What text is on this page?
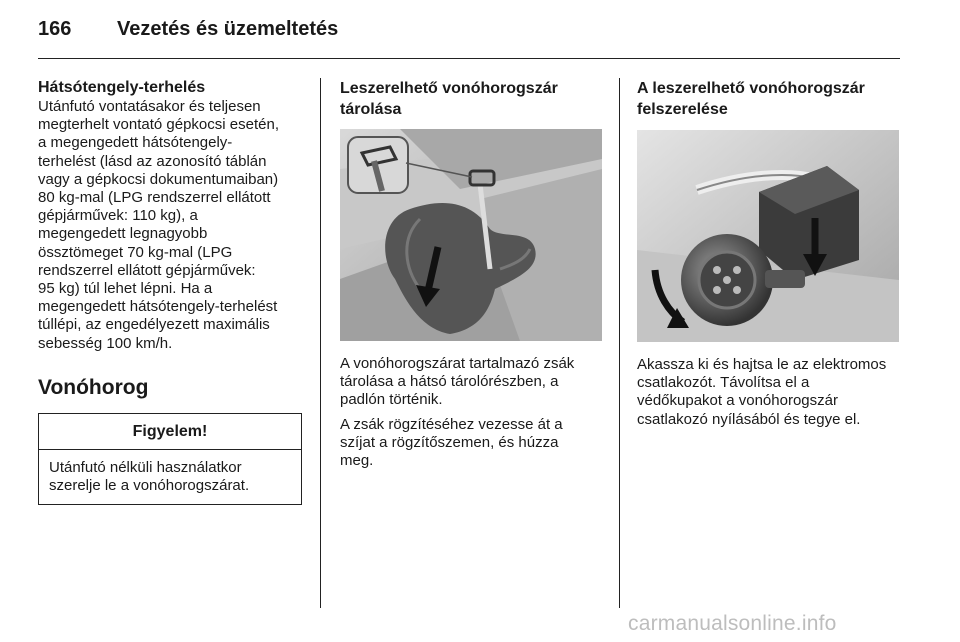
166 Vezetés és üzemeltetés
Hátsótengely-terhelés

Utánfutó vontatásakor és teljesen
megterhelt vontató gépkocsi esetén,
a megengedett hátsótengely-
terhelést (lásd az azonosító táblán
vagy a gépkocsi dokumentumaiban)
80 kg-mal (LPG rendszerrel ellátott
gépjárművek: 110 kg), a
megengedett legnagyobb
össztömeget 70 kg-mal (LPG
rendszerrel ellátott gépjárművek:
95 kg) túl lehet lépni. Ha a
megengedett hátsótengely-terhelést
túllépi, az engedélyezett maximális
sebesség 100 km/h.

Vonóhorog
Figyelem!
Utánfutó nélküli használatkor
szerelje le a vonóhorogszárat.
Leszerelhető vonóhorogszár
tárolása

A vonóhorogszárat tartalmazó zsák
tárolása a hátsó tárolórészben, a
padlón történik.

A zsák rögzítéséhez vezesse át a
szíjat a rögzítőszemen, és húzza
meg.

A leszerelhető vonóhorogszár
felszerelése

Akassza ki és hajtsa le az elektromos
csatlakozót. Távolítsa el a
védőkupakot a vonóhorogszár
csatlakozó nyílásából és tegye el.

carmanualsonline.info
